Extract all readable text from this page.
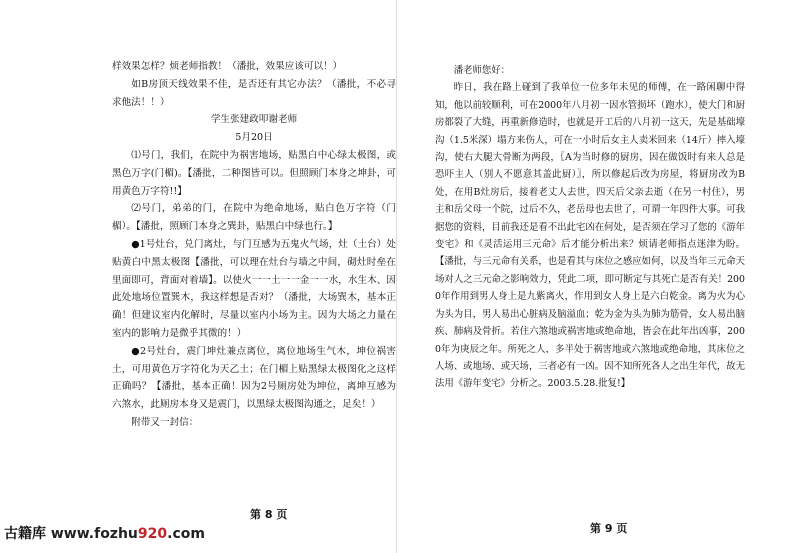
样效果怎样？烦老师指教！（潘批，效果应该可以！）

如B房顶天线效果不佳，是否还有其它办法？（潘批，不必寻求他法！！）

学生张建政叩谢老师

5月20日

⑴号门，我们，在院中为祸害地场，贴黑白中心绿太极图，或黑色万字(门楣)。【潘批，二种图皆可以。但照顾门本身之坤卦，可用黄色万字符!!】

⑵号门，弟弟的门，在院中为绝命地场，贴白色万字符（门楣）。【潘批，照顾门本身之巽卦，贴黑白中绿也行。】

●1号灶台，兑门离灶，与门互感为五鬼火气场，灶（土台）处贴黄白中黑太极图【潘批，可以理在灶台与墙之中间，砌灶时垒在里面即可，背面对着墙】。以使火一一土一一金一一水，水生木、因此处地场位置巽木，我这样想是否对？（潘批，大场巽木，基本正确！但建议室内化解时，尽量以室内小场为主。因为大场之力量在室内的影响力是微乎其微的！）

●2号灶台，震门坤灶兼点离位，离位地场生气木，坤位祸害土，可用黄色万字符化为天乙土；在门楣上贴黑绿太极图化之这样正确吗？【潘批，基本正确！因为2号厕房处为坤位，离坤互感为六煞水，此厕房本身又是震门，以黑绿太极图沟通之，足矣！）

附带又一封信：

第 8 页

潘老师您好：

昨日，我在路上碰到了我单位一位多年未见的师傅，在一路闲聊中得知，他以前较顺利，可在2000年八月初一因水管损坏（跑水），使大门和厨房都裂了大缝，再重新修造时，也就是开工后的八月初一这天，先是基础壕沟（1.5米深）塌方来伤人，可在一小时后女主人卖米回来（14斤）摔入壕沟，使右大腿大骨断为两段，〖A为当时修的厨房，因在做饭时有来人总是恐吓主人（别人不愿意其盖此厨）〗，所以修起后改为房屋，将厨房改为B处，在用B灶房后，接着老丈人去世，四天后父亲去逝（在另一村住），男主和岳父母一个院，过后不久，老岳母也去世了，可谓一年四件大事。可我据您的资料，目前我还是看不出此宅凶在何处，是否须在学习了您的《游年变宅》和《灵活运用三元命》后才能分析出来？烦请老师指点迷津为盼。【潘批，与三元命有关系，也是看其与床位之感应如何，以及当年三元命天场对人之三元命之影响效力，凭此二项，即可断定与其死亡是否有关！2000年作用到男人身上是九紫离火，作用到女人身上是六白乾金。离为火为心为头为目，男人易出心脏病及脑溢血；乾为金为头为肺为筋骨，女人易出脑疾、肺病及骨折。若住六煞地或祸害地或绝命地，皆会在此年出凶事，2000年为庚辰之年。所死之人，多半处于祸害地或六煞地或绝命地，其床位之人场、或地场、或天场，三者必有一凶。因不知所死各人之出生年代，故无法用《游年变宅》分析之。2003.5.28.批复!】

第 9 页
古籍库 www.fozhu920.com
